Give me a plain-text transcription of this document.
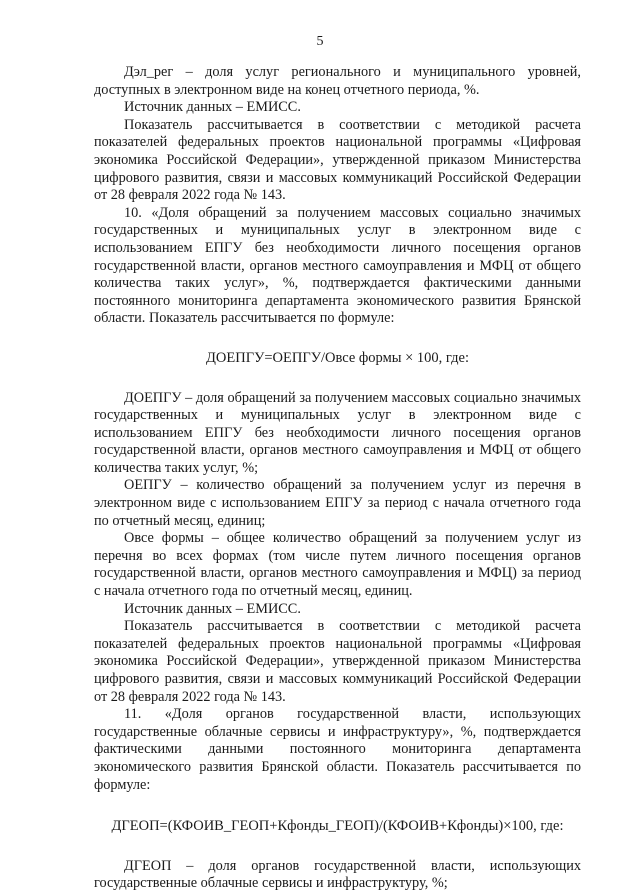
5

Дэл_рег – доля услуг регионального и муниципального уровней, доступных в электронном виде на конец отчетного периода, %.

Источник данных – ЕМИСС.

Показатель рассчитывается в соответствии с методикой расчета показателей федеральных проектов национальной программы «Цифровая экономика Российской Федерации», утвержденной приказом Министерства цифрового развития, связи и массовых коммуникаций Российской Федерации от 28 февраля 2022 года № 143.

10. «Доля обращений за получением массовых социально значимых государственных и муниципальных услуг в электронном виде с использованием ЕПГУ без необходимости личного посещения органов государственной власти, органов местного самоуправления и МФЦ от общего количества таких услуг», %, подтверждается фактическими данными постоянного мониторинга департамента экономического развития Брянской области. Показатель рассчитывается по формуле:

ДОЕПГУ=ОЕПГУ/Овсе формы × 100, где:

ДОЕПГУ – доля обращений за получением массовых социально значимых государственных и муниципальных услуг в электронном виде с использованием ЕПГУ без необходимости личного посещения органов государственной власти, органов местного самоуправления и МФЦ от общего количества таких услуг, %;

ОЕПГУ – количество обращений за получением услуг из перечня в электронном виде с использованием ЕПГУ за период с начала отчетного года по отчетный месяц, единиц;

Овсе формы – общее количество обращений за получением услуг из перечня во всех формах (том числе путем личного посещения органов государственной власти, органов местного самоуправления и МФЦ) за период с начала отчетного года по отчетный месяц, единиц.

Источник данных – ЕМИСС.

Показатель рассчитывается в соответствии с методикой расчета показателей федеральных проектов национальной программы «Цифровая экономика Российской Федерации», утвержденной приказом Министерства цифрового развития, связи и массовых коммуникаций Российской Федерации от 28 февраля 2022 года № 143.

11. «Доля органов государственной власти, использующих государственные облачные сервисы и инфраструктуру», %, подтверждается фактическими данными постоянного мониторинга департамента экономического развития Брянской области. Показатель рассчитывается по формуле:

ДГЕОП=(КФОИВ_ГЕОП+Кфонды_ГЕОП)/(КФОИВ+Кфонды)×100, где:

ДГЕОП – доля органов государственной власти, использующих государственные облачные сервисы и инфраструктуру, %;
